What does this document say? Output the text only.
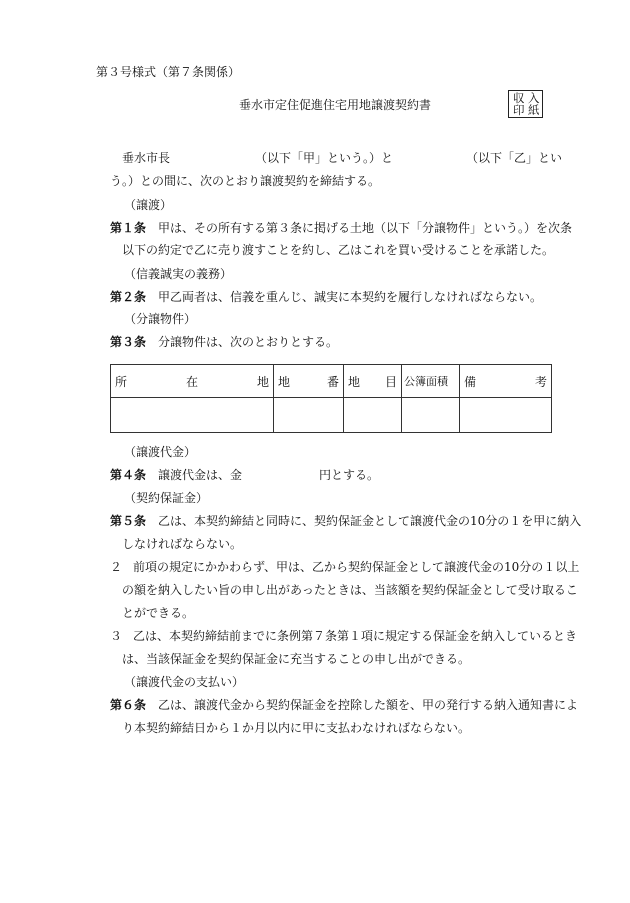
第３号様式（第７条関係）
垂水市定住促進住宅用地譲渡契約書	収 入
印 紙
垂水市長	（以下「甲」という。）と	（以下「乙」とい
う。）との間に、次のとおり譲渡契約を締結する。
（譲渡）
第１条 甲は、その所有する第３条に掲げる土地（以下「分譲物件」という。）を次条
以下の約定で乙に売り渡すことを約し、乙はこれを買い受けることを承諾した。
（信義誠実の義務）
第２条 甲乙両者は、信義を重んじ、誠実に本契約を履行しなければならない。
（分譲物件）
第３条 分譲物件は、次のとおりとする。
所 在 地	地 番	地 目	公簿面積	備 考

（譲渡代金）
第４条 譲渡代金は、金	円とする。
（契約保証金）
第５条 乙は、本契約締結と同時に、契約保証金として譲渡代金の10分の１を甲に納入
しなければならない。
２ 前項の規定にかかわらず、甲は、乙から契約保証金として譲渡代金の10分の１以上
の額を納入したい旨の申し出があったときは、当該額を契約保証金として受け取るこ
とができる。
３ 乙は、本契約締結前までに条例第７条第１項に規定する保証金を納入しているとき
は、当該保証金を契約保証金に充当することの申し出ができる。
（譲渡代金の支払い）
第６条 乙は、譲渡代金から契約保証金を控除した額を、甲の発行する納入通知書によ
り本契約締結日から１か月以内に甲に支払わなければならない。
